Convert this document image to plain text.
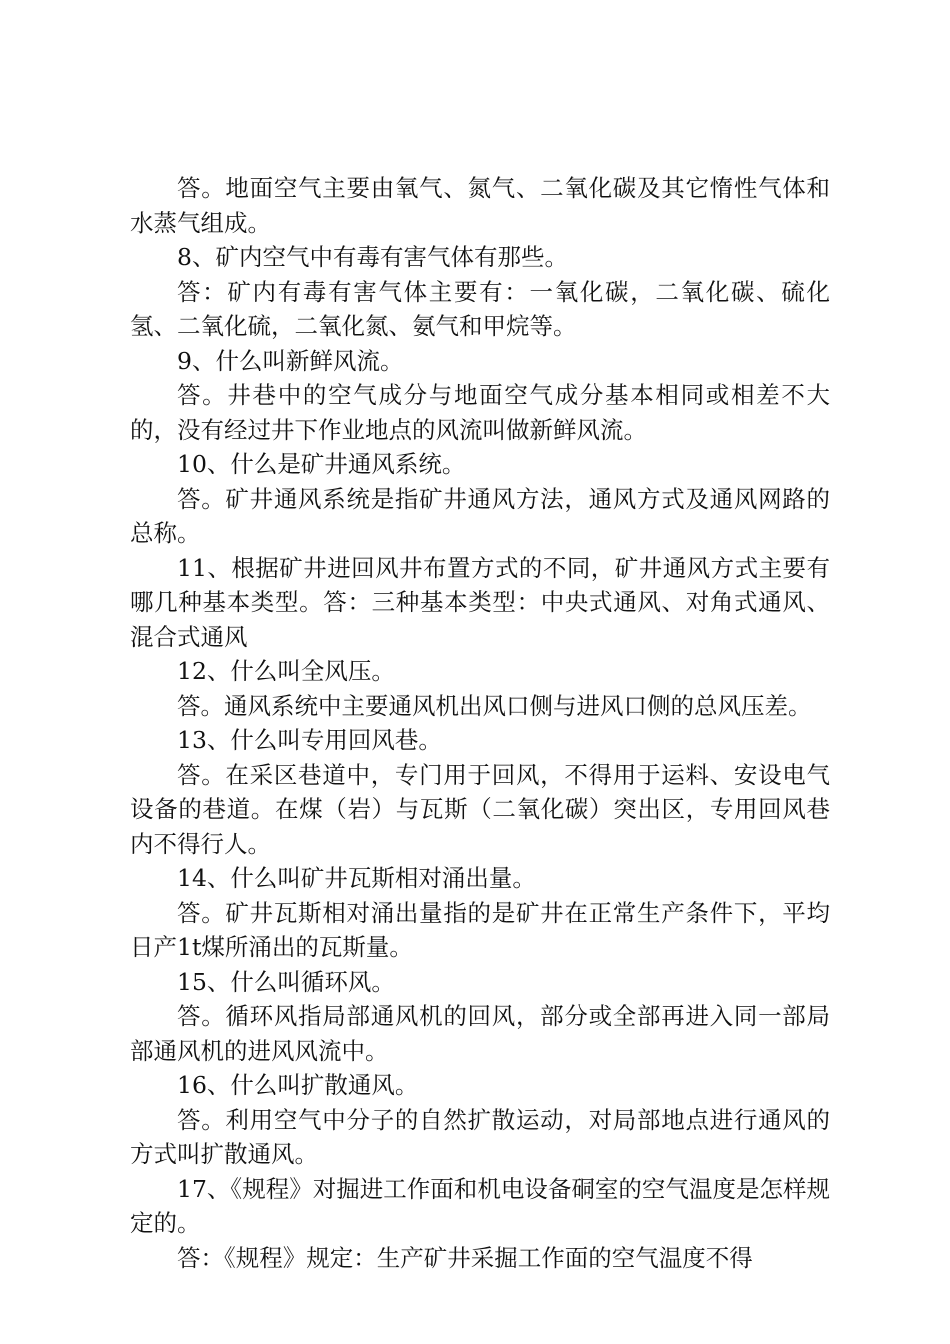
答。地面空气主要由氧气、氮气、二氧化碳及其它惰性气体和水蒸气组成。

8、矿内空气中有毒有害气体有那些。

答：矿内有毒有害气体主要有：一氧化碳，二氧化碳、硫化氢、二氧化硫，二氧化氮、氨气和甲烷等。

9、什么叫新鲜风流。

答。井巷中的空气成分与地面空气成分基本相同或相差不大的，没有经过井下作业地点的风流叫做新鲜风流。

10、什么是矿井通风系统。

答。矿井通风系统是指矿井通风方法，通风方式及通风网路的总称。

11、根据矿井进回风井布置方式的不同，矿井通风方式主要有哪几种基本类型。答：三种基本类型：中央式通风、对角式通风、混合式通风

12、什么叫全风压。

答。通风系统中主要通风机出风口侧与进风口侧的总风压差。

13、什么叫专用回风巷。

答。在采区巷道中，专门用于回风，不得用于运料、安设电气设备的巷道。在煤（岩）与瓦斯（二氧化碳）突出区，专用回风巷内不得行人。

14、什么叫矿井瓦斯相对涌出量。

答。矿井瓦斯相对涌出量指的是矿井在正常生产条件下，平均日产1t煤所涌出的瓦斯量。

15、什么叫循环风。

答。循环风指局部通风机的回风，部分或全部再进入同一部局部通风机的进风风流中。

16、什么叫扩散通风。

答。利用空气中分子的自然扩散运动，对局部地点进行通风的方式叫扩散通风。

17、《规程》对掘进工作面和机电设备硐室的空气温度是怎样规定的。

答：《规程》规定：生产矿井采掘工作面的空气温度不得
